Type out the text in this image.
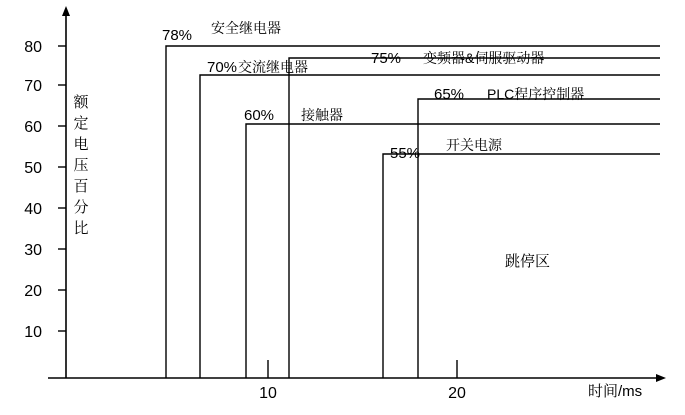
80
70
60
50
40
30
20
10
10	20	时间/ms
78% 安全继电器
70% 交流继电器	75% 变频器&伺服驱动器
60% 接触器
65% PLC程序控制器
55% 开关电源
跳停区
额
定
电
压
百
分
比
